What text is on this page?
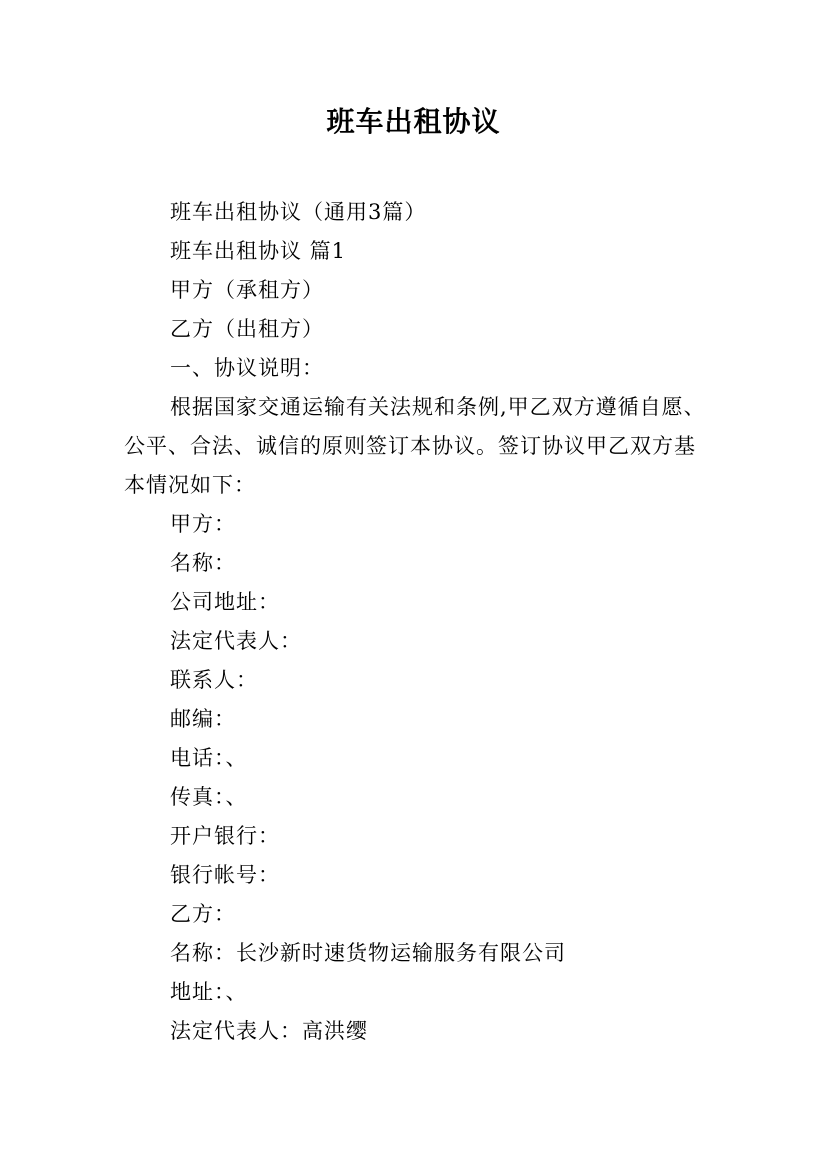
班车出租协议

班车出租协议（通用3篇）

班车出租协议 篇1

甲方（承租方）

乙方（出租方）

一、协议说明：

根据国家交通运输有关法规和条例,甲乙双方遵循自愿、公平、合法、诚信的原则签订本协议。签订协议甲乙双方基本情况如下：

甲方：

名称：

公司地址：

法定代表人：

联系人：

邮编：

电话：、

传真：、

开户银行：

银行帐号：

乙方：

名称：长沙新时速货物运输服务有限公司

地址：、

法定代表人：高洪缨
